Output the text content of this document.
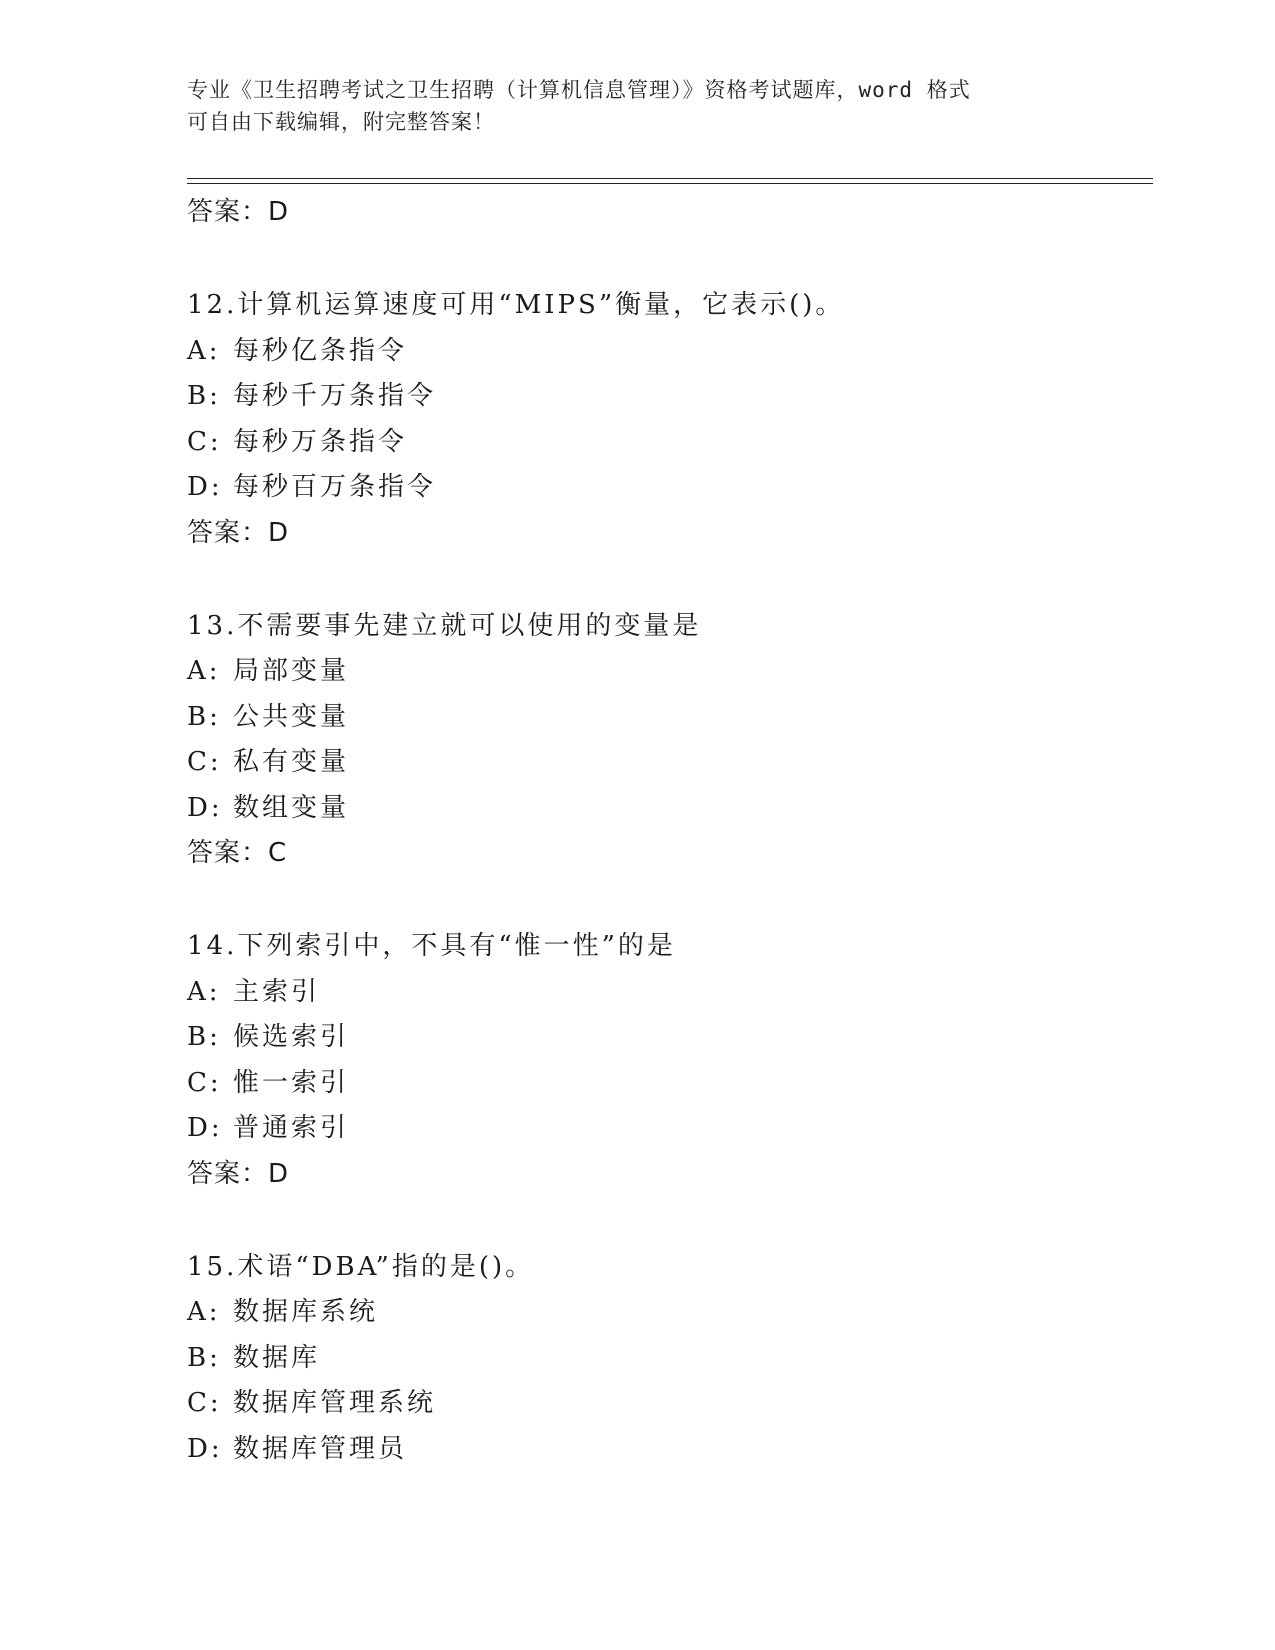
专业《卫生招聘考试之卫生招聘（计算机信息管理）》资格考试题库，word 格式
可自由下载编辑，附完整答案！
答案：D
12.计算机运算速度可用“MIPS”衡量，它表示()。
A: 每秒亿条指令
B: 每秒千万条指令
C: 每秒万条指令
D: 每秒百万条指令
答案：D
13.不需要事先建立就可以使用的变量是
A: 局部变量
B: 公共变量
C: 私有变量
D: 数组变量
答案：C
14.下列索引中，不具有“惟一性”的是
A: 主索引
B: 候选索引
C: 惟一索引
D: 普通索引
答案：D
15.术语“DBA”指的是()。
A: 数据库系统
B: 数据库
C: 数据库管理系统
D: 数据库管理员
